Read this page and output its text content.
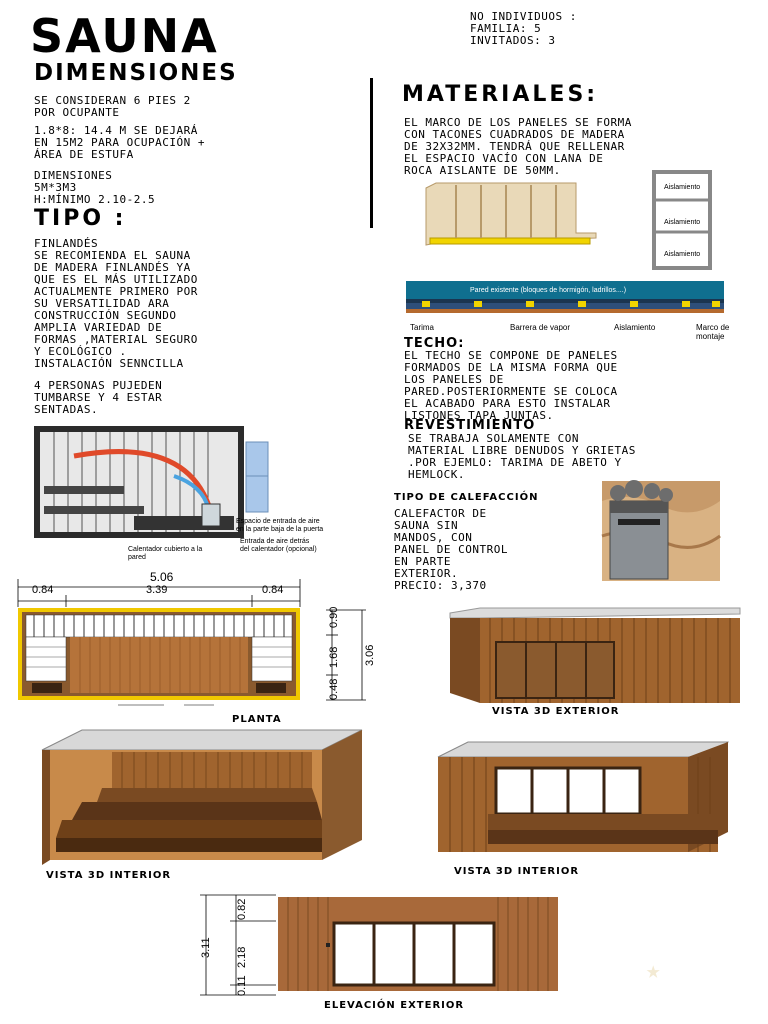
SAUNA
DIMENSIONES
NO INDIVIDUOS :
FAMILIA: 5
INVITADOS: 3
SE CONSIDERAN 6 PIES 2
POR OCUPANTE
1.8*8: 14.4 M SE DEJARÁ
EN 15M2 PARA OCUPACIÓN +
ÁREA DE ESTUFA
DIMENSIONES
5M*3M3
H:MÍNIMO 2.10-2.5
TIPO :
FINLANDÉS
SE RECOMIENDA EL SAUNA
DE MADERA FINLANDÉS YA
QUE ES EL MÁS UTILIZADO
ACTUALMENTE PRIMERO POR
SU VERSATILIDAD ARA
CONSTRUCCIÓN SEGUNDO
AMPLIA VARIEDAD DE
FORMAS ,MATERIAL SEGURO
Y ECOLÓGICO .
INSTALACIÓN SENNCILLA
4 PERSONAS PUJEDEN
TUMBARSE Y 4 ESTAR
SENTADAS.
Espacio de entrada de aire en la parte baja de la puerta
Entrada de aire detrás del calentador (opcional)
Calentador cubierto a la pared
MATERIALES:
EL MARCO DE LOS PANELES SE FORMA
CON TACONES CUADRADOS DE MADERA
DE 32X32MM. TENDRÁ QUE RELLENAR
EL ESPACIO VACÍO CON LANA DE
ROCA AISLANTE DE 50MM.
Aislamiento
Aislamiento
Aislamiento
Pared existente (bloques de hormigón, ladrillos....)
Tarima	Barrera de vapor	Aislamiento	Marco de montaje
TECHO:
EL TECHO SE COMPONE DE PANELES
FORMADOS DE LA MISMA FORMA QUE
LOS PANELES DE
PARED.POSTERIORMENTE SE COLOCA
EL ACABADO PARA ESTO INSTALAR
LISTONES TAPA JUNTAS.
REVESTIMIENTO
SE TRABAJA SOLAMENTE CON
MATERIAL LIBRE DENUDOS Y GRIETAS
.POR EJEMLO: TARIMA DE ABETO Y
HEMLOCK.
TIPO DE CALEFACCIÓN
CALEFACTOR DE
SAUNA SIN
MANDOS, CON
PANEL DE CONTROL
EN PARTE
EXTERIOR.
PRECIO: 3,370
5.06
0.84	3.39	0.84
0.90
1.68
0.48
3.06
PLANTA
VISTA 3D EXTERIOR
VISTA 3D INTERIOR	VISTA 3D INTERIOR
0.82
2.18
0.11
3.11
ELEVACIÓN EXTERIOR
★
